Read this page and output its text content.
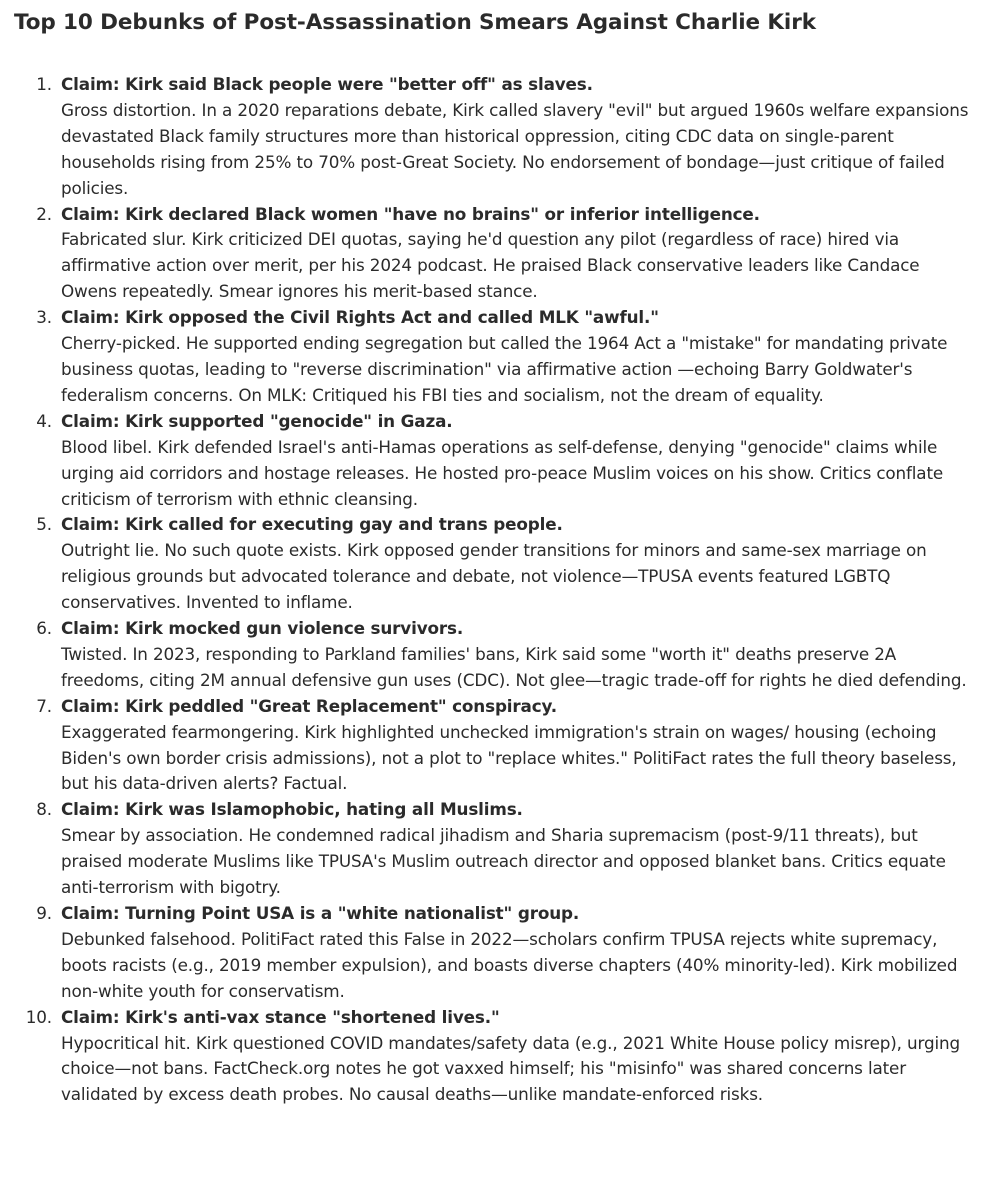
Top 10 Debunks of Post-Assassination Smears Against Charlie Kirk
1. Claim: Kirk said Black people were "better off" as slaves.
Gross distortion. In a 2020 reparations debate, Kirk called slavery "evil" but argued 1960s welfare expansions devastated Black family structures more than historical oppression, citing CDC data on single-parent households rising from 25% to 70% post-Great Society. No endorsement of bondage—just critique of failed policies.
2. Claim: Kirk declared Black women "have no brains" or inferior intelligence.
Fabricated slur. Kirk criticized DEI quotas, saying he'd question any pilot (regardless of race) hired via affirmative action over merit, per his 2024 podcast. He praised Black conservative leaders like Candace Owens repeatedly. Smear ignores his merit-based stance.
3. Claim: Kirk opposed the Civil Rights Act and called MLK "awful."
Cherry-picked. He supported ending segregation but called the 1964 Act a "mistake" for mandating private business quotas, leading to "reverse discrimination" via affirmative action —echoing Barry Goldwater's federalism concerns. On MLK: Critiqued his FBI ties and socialism, not the dream of equality.
4. Claim: Kirk supported "genocide" in Gaza.
Blood libel. Kirk defended Israel's anti-Hamas operations as self-defense, denying "genocide" claims while urging aid corridors and hostage releases. He hosted pro-peace Muslim voices on his show. Critics conflate criticism of terrorism with ethnic cleansing.
5. Claim: Kirk called for executing gay and trans people.
Outright lie. No such quote exists. Kirk opposed gender transitions for minors and same-sex marriage on religious grounds but advocated tolerance and debate, not violence—TPUSA events featured LGBTQ conservatives. Invented to inflame.
6. Claim: Kirk mocked gun violence survivors.
Twisted. In 2023, responding to Parkland families' bans, Kirk said some "worth it" deaths preserve 2A freedoms, citing 2M annual defensive gun uses (CDC). Not glee—tragic trade-off for rights he died defending.
7. Claim: Kirk peddled "Great Replacement" conspiracy.
Exaggerated fearmongering. Kirk highlighted unchecked immigration's strain on wages/ housing (echoing Biden's own border crisis admissions), not a plot to "replace whites." PolitiFact rates the full theory baseless, but his data-driven alerts? Factual.
8. Claim: Kirk was Islamophobic, hating all Muslims.
Smear by association. He condemned radical jihadism and Sharia supremacism (post-9/11 threats), but praised moderate Muslims like TPUSA's Muslim outreach director and opposed blanket bans. Critics equate anti-terrorism with bigotry.
9. Claim: Turning Point USA is a "white nationalist" group.
Debunked falsehood. PolitiFact rated this False in 2022—scholars confirm TPUSA rejects white supremacy, boots racists (e.g., 2019 member expulsion), and boasts diverse chapters (40% minority-led). Kirk mobilized non-white youth for conservatism.
10. Claim: Kirk's anti-vax stance "shortened lives."
Hypocritical hit. Kirk questioned COVID mandates/safety data (e.g., 2021 White House policy misrep), urging choice—not bans. FactCheck.org notes he got vaxxed himself; his "misinfo" was shared concerns later validated by excess death probes. No causal deaths—unlike mandate-enforced risks.
